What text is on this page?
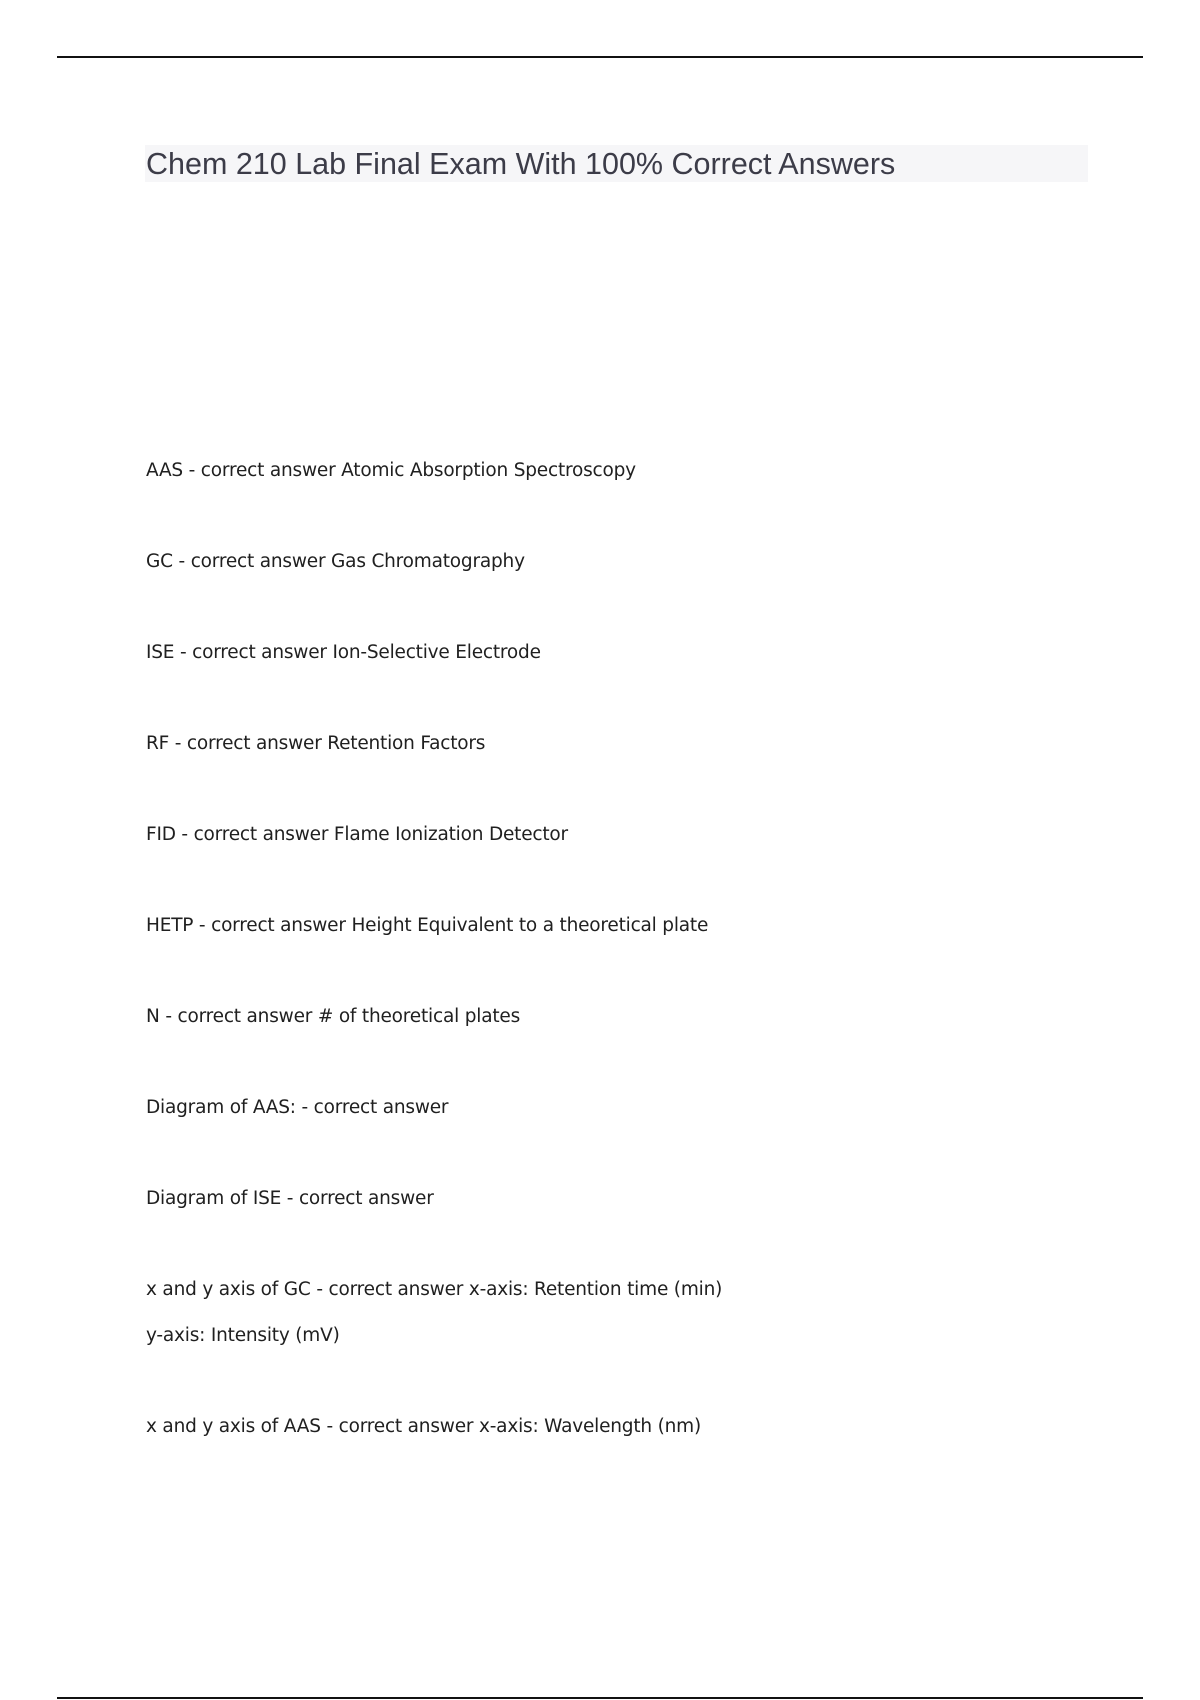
Chem 210 Lab Final Exam With 100% Correct Answers
AAS - correct answer Atomic Absorption Spectroscopy
GC - correct answer Gas Chromatography
ISE - correct answer Ion-Selective Electrode
RF - correct answer Retention Factors
FID - correct answer Flame Ionization Detector
HETP - correct answer Height Equivalent to a theoretical plate
N - correct answer # of theoretical plates
Diagram of AAS: - correct answer
Diagram of ISE - correct answer
x and y axis of GC - correct answer x-axis: Retention time (min)
y-axis: Intensity (mV)
x and y axis of AAS - correct answer x-axis: Wavelength (nm)
